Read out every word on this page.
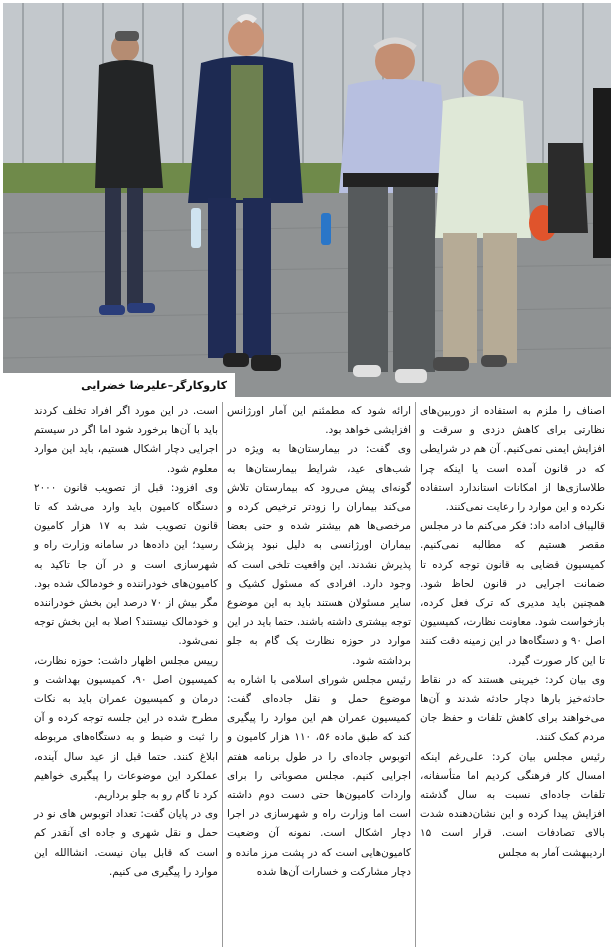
کاروکارگر–علیرضا خضرایی

اصناف را ملزم به استفاده از دوربین‌های نظارتی برای کاهش دزدی و سرقت و افزایش ایمنی نمی‌کنیم. آن هم در شرایطی که در قانون آمده است یا اینکه چرا طلاسازی‌ها از امکانات استاندارد استفاده نکرده و این موارد را رعایت نمی‌کنند.

قالیباف ادامه داد: فکر می‌کنم ما در مجلس مقصر هستیم که مطالبه نمی‌کنیم. کمیسیون قضایی به قانون توجه کرده تا ضمانت اجرایی در قانون لحاظ شود. همچنین باید مدیری که ترک فعل کرده، بازخواست شود. معاونت نظارت، کمیسیون اصل ۹۰ و دستگاه‌ها در این زمینه دقت کنند تا این کار صورت گیرد.

وی بیان کرد: خیرینی هستند که در نقاط حادثه‌خیز بارها دچار حادثه شدند و آن‌ها می‌خواهند برای کاهش تلفات و حفظ جان مردم کمک کنند.

رئیس مجلس بیان کرد: علی‌رغم اینکه امسال کار فرهنگی کردیم اما متأسفانه، تلفات جاده‌ای نسبت به سال گذشته افزایش پیدا کرده و این نشان‌دهنده شدت بالای تصادفات است. قرار است ۱۵ اردیبهشت آمار به مجلس

ارائه شود که مطمئنم این آمار اورژانس افزایشی خواهد بود.

وی گفت: در بیمارستان‌ها به ویژه در شب‌های عید، شرایط بیمارستان‌ها به گونه‌ای پیش می‌رود که بیمارستان تلاش می‌کند بیماران را زودتر ترخیص کرده و مرخصی‌ها هم بیشتر شده و حتی بعضا بیماران اورژانسی به دلیل نبود پزشک پذیرش نشدند. این واقعیت تلخی است که وجود دارد. افرادی که مسئول کشیک و سایر مسئولان هستند باید به این موضوع توجه بیشتری داشته باشند. حتما باید در این موارد در حوزه نظارت یک گام به جلو برداشته شود.

رئیس مجلس شورای اسلامی با اشاره به موضوع حمل و نقل جاده‌ای گفت: کمیسیون عمران هم این موارد را پیگیری کند که طبق ماده ۵۶، ۱۱۰ هزار کامیون و اتوبوس جاده‌ای را در طول برنامه هفتم اجرایی کنیم. مجلس مصوباتی را برای واردات کامیون‌ها حتی دست دوم داشته است اما وزارت راه و شهرسازی در اجرا دچار اشکال است. نمونه آن وضعیت کامیون‌هایی است که در پشت مرز مانده و دچار مشارکت و خسارات آن‌ها شده

است. در این مورد اگر افراد تخلف کردند باید با آن‌ها برخورد شود اما اگر در سیستم اجرایی دچار اشکال هستیم، باید این موارد معلوم شود.

وی افزود: قبل از تصویب قانون ۲۰۰۰ دستگاه کامیون باید وارد می‌شد که تا قانون تصویب شد به ۱۷ هزار کامیون رسید؛ این داده‌ها در سامانه وزارت راه و شهرسازی است و در آن جا تاکید به کامیون‌های خودراننده و خودمالک شده بود. مگر بیش از ۷۰ درصد این بخش خودراننده و خودمالک نیستند؟ اصلا به این بخش توجه نمی‌شود.

رییس مجلس اظهار داشت: حوزه نظارت، کمیسیون اصل ۹۰، کمیسیون بهداشت و درمان و کمیسیون عمران باید به نکات مطرح شده در این جلسه توجه کرده و آن را ثبت و ضبط و به دستگاه‌های مربوطه ابلاغ کنند. حتما قبل از عید سال آینده، عملکرد این موضوعات را پیگیری خواهیم کرد تا گام رو به جلو برداریم.

وی در پایان گفت: تعداد اتوبوس های نو در حمل و نقل شهری و جاده ای آنقدر کم است که قابل بیان نیست. انشاالله این موارد را پیگیری می کنیم.
